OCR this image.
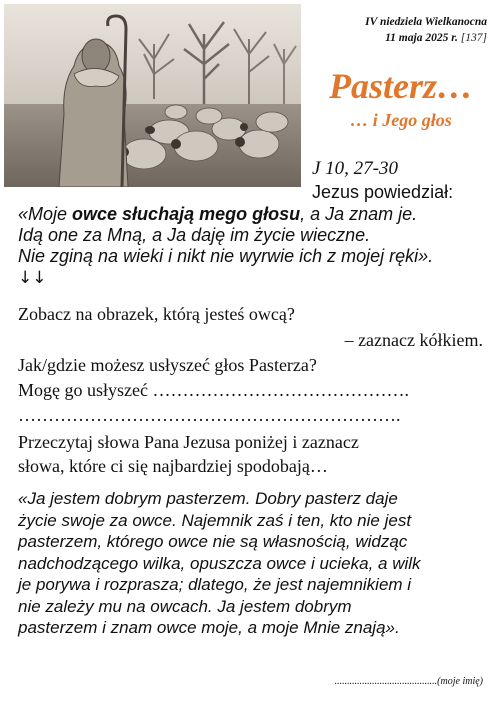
IV niedziela Wielkanocna
11 maja 2025 r. [137]
Pasterz…
… i Jego głos
J 10, 27-30
Jezus powiedział:
«Moje owce słuchają mego głosu, a Ja znam je.
Idą one za Mną, a Ja daję im życie wieczne.
Nie zginą na wieki i nikt nie wyrwie ich z mojej ręki».
↓↓
Zobacz na obrazek, którą jesteś owcą?
– zaznacz kółkiem.
Jak/gdzie możesz usłyszeć głos Pasterza?
Mogę go usłyszeć …………………………………….
……………………………………………………….
Przeczytaj słowa Pana Jezusa poniżej i zaznacz
słowa, które ci się najbardziej spodobają…
«Ja jestem dobrym pasterzem. Dobry pasterz daje
życie swoje za owce. Najemnik zaś i ten, kto nie jest
pasterzem, którego owce nie są własnością, widząc
nadchodzącego wilka, opuszcza owce i ucieka, a wilk
je porywa i rozprasza; dlatego, że jest najemnikiem i
nie zależy mu na owcach. Ja jestem dobrym
pasterzem i znam owce moje, a moje Mnie znają».
.........................................(moje imię)
